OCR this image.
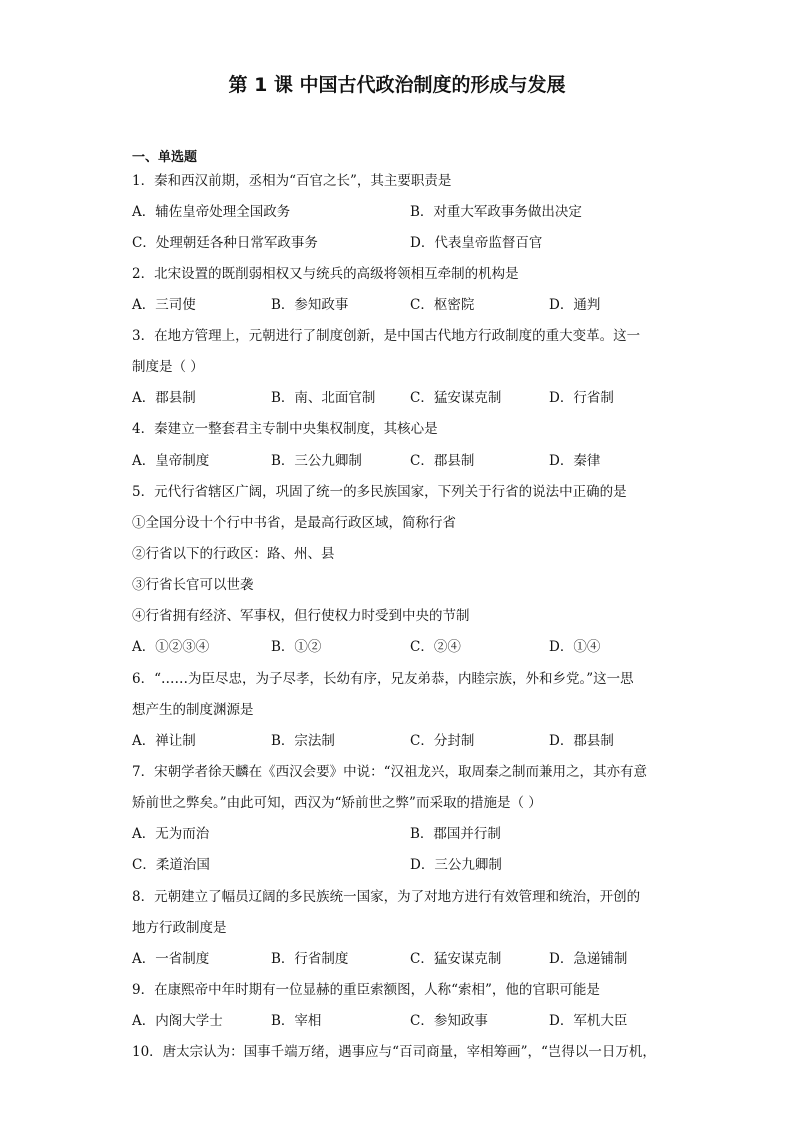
第 1 课 中国古代政治制度的形成与发展
一、单选题
1．秦和西汉前期，丞相为“百官之长”，其主要职责是
A．辅佐皇帝处理全国政务	B．对重大军政事务做出决定
C．处理朝廷各种日常军政事务	D．代表皇帝监督百官
2．北宋设置的既削弱相权又与统兵的高级将领相互牵制的机构是
A．三司使	B．参知政事	C．枢密院	D．通判
3．在地方管理上，元朝进行了制度创新，是中国古代地方行政制度的重大变革。这一
制度是（ ）
A．郡县制	B．南、北面官制	C．猛安谋克制	D．行省制
4．秦建立一整套君主专制中央集权制度，其核心是
A．皇帝制度	B．三公九卿制	C．郡县制	D．秦律
5．元代行省辖区广阔，巩固了统一的多民族国家，下列关于行省的说法中正确的是
①全国分设十个行中书省，是最高行政区域，简称行省
②行省以下的行政区：路、州、县
③行省长官可以世袭
④行省拥有经济、军事权，但行使权力时受到中央的节制
A．①②③④	B．①②	C．②④	D．①④
6．“……为臣尽忠，为子尽孝，长幼有序，兄友弟恭，内睦宗族，外和乡党。”这一思
想产生的制度渊源是
A．禅让制	B．宗法制	C．分封制	D．郡县制
7．宋朝学者徐天麟在《西汉会要》中说：“汉祖龙兴，取周秦之制而兼用之，其亦有意
矫前世之弊矣。”由此可知，西汉为“矫前世之弊”而采取的措施是（ ）
A．无为而治	B．郡国并行制
C．柔道治国	D．三公九卿制
8．元朝建立了幅员辽阔的多民族统一国家，为了对地方进行有效管理和统治，开创的
地方行政制度是
A．一省制度	B．行省制度	C．猛安谋克制	D．急递铺制
9．在康熙帝中年时期有一位显赫的重臣索额图，人称“索相”，他的官职可能是
A．内阁大学士	B．宰相	C．参知政事	D．军机大臣
10．唐太宗认为：国事千端万绪，遇事应与“百司商量，宰相筹画”，“岂得以一日万机，
